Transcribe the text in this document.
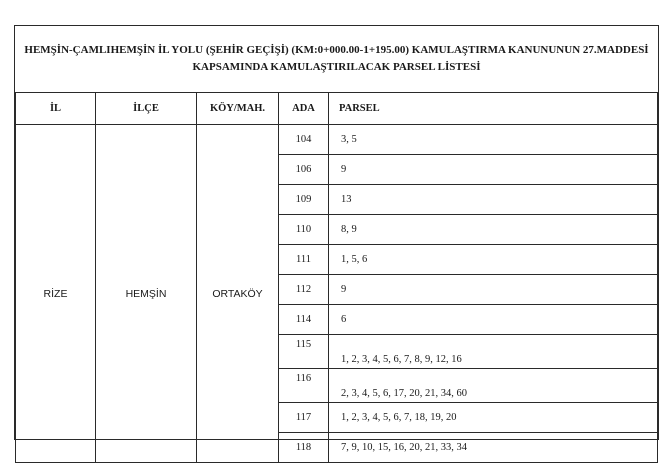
HEMŞİN-ÇAMLIHEMŞİN İL YOLU (ŞEHİR GEÇİŞİ) (KM:0+000.00-1+195.00) KAMULAŞTIRMA KANUNUNUN 27.MADDESİ
KAPSAMINDA KAMULAŞTIRILACAK PARSEL LİSTESİ				

İL	İLÇE	KÖY/MAH.	ADA	PARSEL
RİZE	HEMŞİN	ORTAKÖY	104	3, 5
			106	9
			109	13
			110	8, 9
			111	1, 5, 6
			112	9
			114	6
			115	1, 2, 3, 4, 5, 6, 7, 8, 9, 12, 16
			116	2, 3, 4, 5, 6, 17, 20, 21, 34, 60
			117	1, 2, 3, 4, 5, 6, 7, 18, 19, 20
			118	7, 9, 10, 15, 16, 20, 21, 33, 34
